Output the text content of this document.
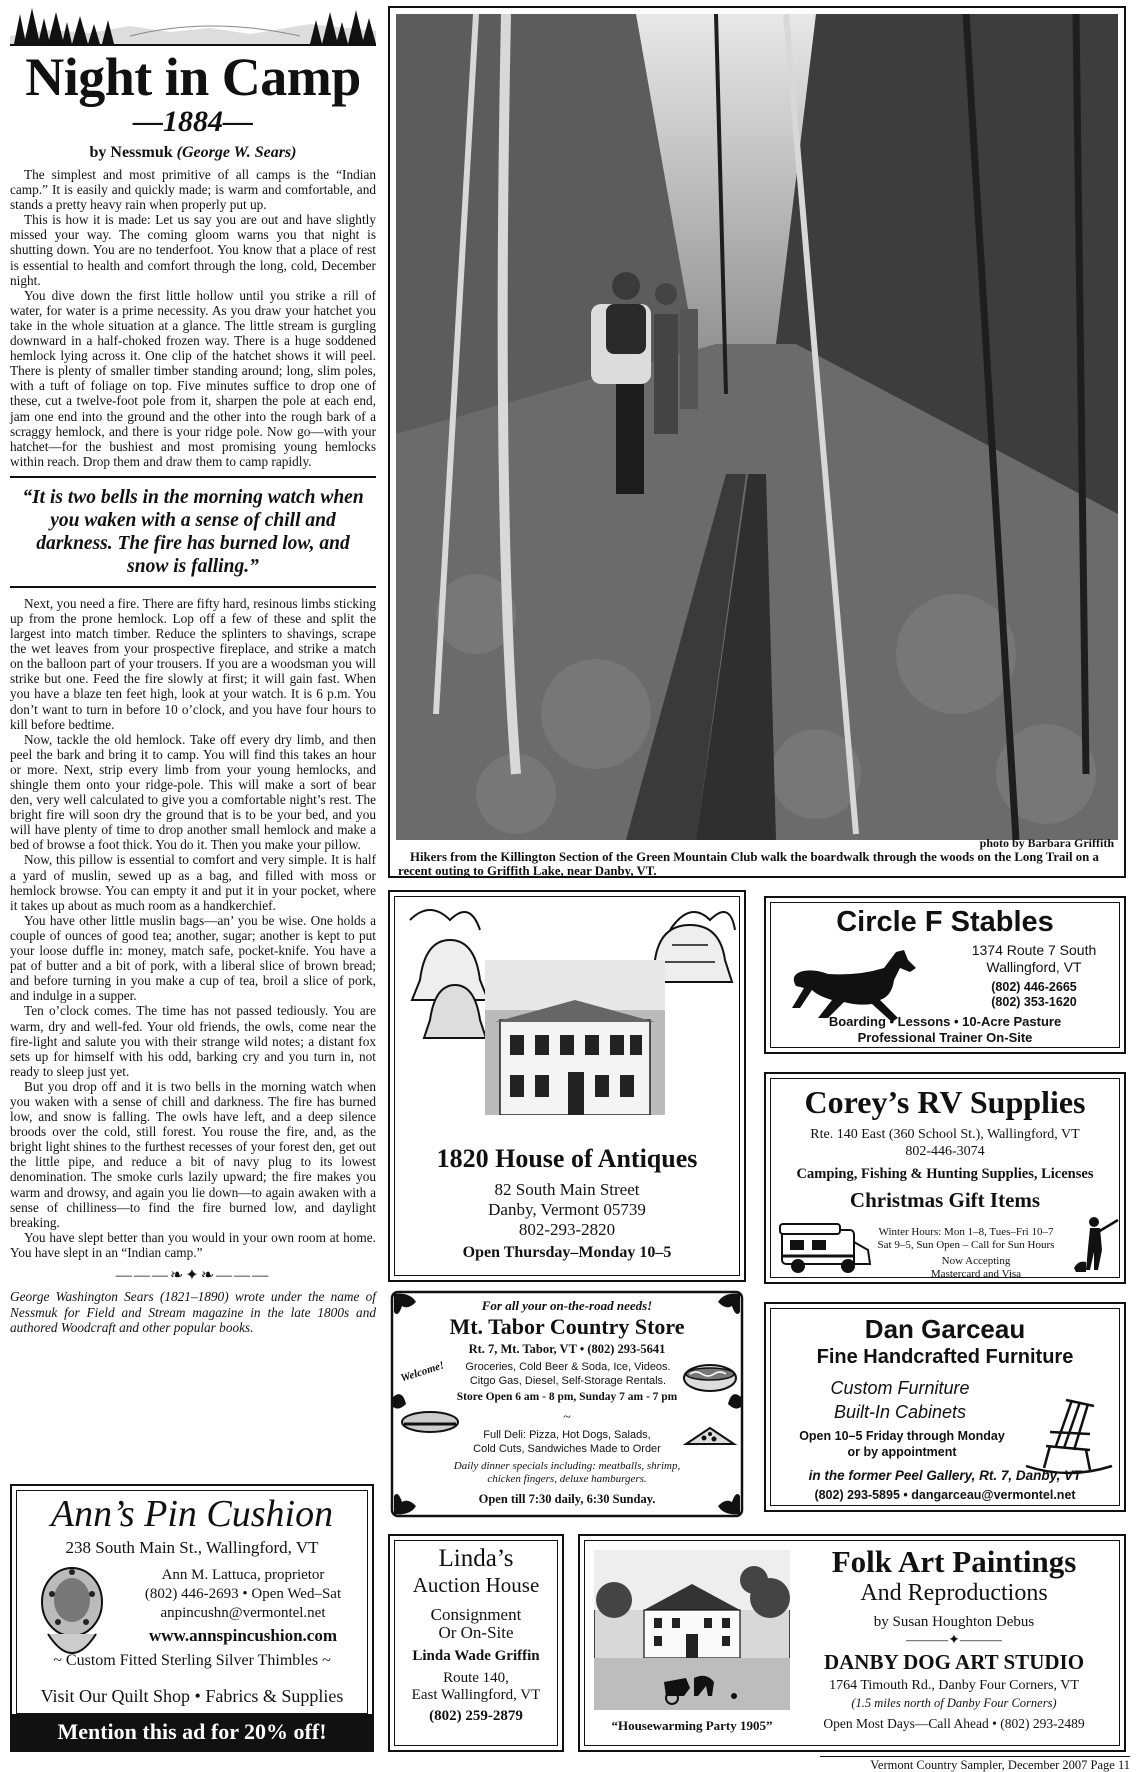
Night in Camp
—1884—
by Nessmuk (George W. Sears)

The simplest and most primitive of all camps is the “Indian camp.” It is easily and quickly made; is warm and comfortable, and stands a pretty heavy rain when properly put up.

This is how it is made: Let us say you are out and have slightly missed your way. The coming gloom warns you that night is shutting down. You are no tenderfoot. You know that a place of rest is essential to health and comfort through the long, cold, December night.

You dive down the first little hollow until you strike a rill of water, for water is a prime necessity. As you draw your hatchet you take in the whole situation at a glance. The little stream is gurgling downward in a half-choked frozen way. There is a huge soddened hemlock lying across it. One clip of the hatchet shows it will peel. There is plenty of smaller timber standing around; long, slim poles, with a tuft of foliage on top. Five minutes suffice to drop one of these, cut a twelve-foot pole from it, sharpen the pole at each end, jam one end into the ground and the other into the rough bark of a scraggy hemlock, and there is your ridge pole. Now go—with your hatchet—for the bushiest and most promising young hemlocks within reach. Drop them and draw them to camp rapidly.

“It is two bells in the morning watch when you waken with a sense of chill and darkness. The fire has burned low, and snow is falling.”

Next, you need a fire. There are fifty hard, resinous limbs sticking up from the prone hemlock. Lop off a few of these and split the largest into match timber. Reduce the splinters to shavings, scrape the wet leaves from your prospective fireplace, and strike a match on the balloon part of your trousers. If you are a woodsman you will strike but one. Feed the fire slowly at first; it will gain fast. When you have a blaze ten feet high, look at your watch. It is 6 p.m. You don’t want to turn in before 10 o’clock, and you have four hours to kill before bedtime.

Now, tackle the old hemlock. Take off every dry limb, and then peel the bark and bring it to camp. You will find this takes an hour or more. Next, strip every limb from your young hemlocks, and shingle them onto your ridge-pole. This will make a sort of bear den, very well calculated to give you a comfortable night’s rest. The bright fire will soon dry the ground that is to be your bed, and you will have plenty of time to drop another small hemlock and make a bed of browse a foot thick. You do it. Then you make your pillow.

Now, this pillow is essential to comfort and very simple. It is half a yard of muslin, sewed up as a bag, and filled with moss or hemlock browse. You can empty it and put it in your pocket, where it takes up about as much room as a handkerchief.

You have other little muslin bags—an’ you be wise. One holds a couple of ounces of good tea; another, sugar; another is kept to put your loose duffle in: money, match safe, pocket-knife. You have a pat of butter and a bit of pork, with a liberal slice of brown bread; and before turning in you make a cup of tea, broil a slice of pork, and indulge in a supper.

Ten o’clock comes. The time has not passed tediously. You are warm, dry and well-fed. Your old friends, the owls, come near the fire-light and salute you with their strange wild notes; a distant fox sets up for himself with his odd, barking cry and you turn in, not ready to sleep just yet.

But you drop off and it is two bells in the morning watch when you waken with a sense of chill and darkness. The fire has burned low, and snow is falling. The owls have left, and a deep silence broods over the cold, still forest. You rouse the fire, and, as the bright light shines to the furthest recesses of your forest den, get out the little pipe, and reduce a bit of navy plug to its lowest denomination. The smoke curls lazily upward; the fire makes you warm and drowsy, and again you lie down—to again awaken with a sense of chilliness—to find the fire burned low, and daylight breaking.

You have slept better than you would in your own room at home. You have slept in an “Indian camp.”

———❧✦❧———
George Washington Sears (1821–1890) wrote under the name of Nessmuk for Field and Stream magazine in the late 1800s and authored Woodcraft and other popular books.
photo by Barbara Griffith
Hikers from the Killington Section of the Green Mountain Club walk the boardwalk through the woods on the Long Trail on a recent outing to Griffith Lake, near Danby, VT.
1820 House of Antiques
82 South Main Street
Danby, Vermont 05739
802-293-2820
Open Thursday–Monday 10–5
Circle F Stables
1374 Route 7 South
Wallingford, VT
(802) 446-2665
(802) 353-1620
Boarding • Lessons • 10-Acre Pasture
Professional Trainer On-Site
Corey’s RV Supplies
Rte. 140 East (360 School St.), Wallingford, VT
802-446-3074
Camping, Fishing & Hunting Supplies, Licenses
Christmas Gift Items
Winter Hours: Mon 1–8, Tues–Fri 10–7
Sat 9–5, Sun Open – Call for Sun Hours
Now Accepting
Mastercard and Visa
For all your on-the-road needs!
Mt. Tabor Country Store
Rt. 7, Mt. Tabor, VT • (802) 293-5641
Welcome!	Groceries, Cold Beer & Soda, Ice, Videos.
Citgo Gas, Diesel, Self-Storage Rentals.
Store Open 6 am - 8 pm, Sunday 7 am - 7 pm
~
Full Deli: Pizza, Hot Dogs, Salads,
Cold Cuts, Sandwiches Made to Order
Daily dinner specials including: meatballs, shrimp,
chicken fingers, deluxe hamburgers.
Open till 7:30 daily, 6:30 Sunday.
Dan Garceau
Fine Handcrafted Furniture
Custom Furniture
Built-In Cabinets
Open 10–5 Friday through Monday
or by appointment
in the former Peel Gallery, Rt. 7, Danby, VT
(802) 293-5895 • dangarceau@vermontel.net
Ann’s Pin Cushion
238 South Main St., Wallingford, VT
Ann M. Lattuca, proprietor
(802) 446-2693 • Open Wed–Sat
anpincushn@vermontel.net
www.annspincushion.com
~ Custom Fitted Sterling Silver Thimbles ~
Visit Our Quilt Shop • Fabrics & Supplies
Mention this ad for 20% off!
Linda’s
Auction House
Consignment
Or On-Site
Linda Wade Griffin
Route 140,
East Wallingford, VT
(802) 259-2879
“Housewarming Party 1905”
Folk Art Paintings
And Reproductions
by Susan Houghton Debus
———✦———
DANBY DOG ART STUDIO
1764 Timouth Rd., Danby Four Corners, VT
(1.5 miles north of Danby Four Corners)
Open Most Days—Call Ahead • (802) 293-2489
Vermont Country Sampler, December 2007 Page 11
